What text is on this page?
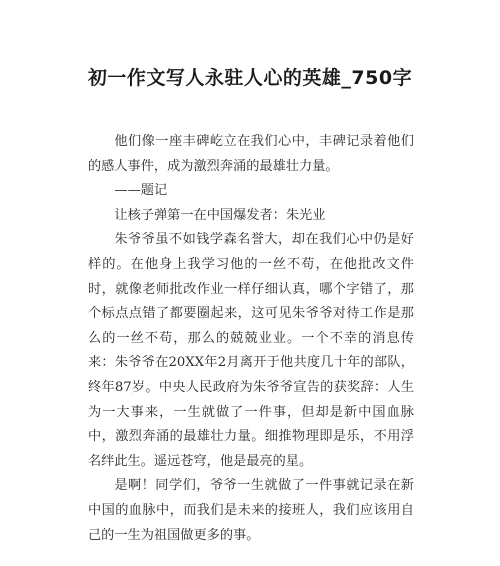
初一作文写人永驻人心的英雄_750字

他们像一座丰碑屹立在我们心中，丰碑记录着他们的感人事件，成为激烈奔涌的最雄壮力量。

——题记

让核子弹第一在中国爆发者：朱光业

朱爷爷虽不如钱学森名誉大，却在我们心中仍是好样的。在他身上我学习他的一丝不苟，在他批改文件时，就像老师批改作业一样仔细认真，哪个字错了，那个标点点错了都要圈起来，这可见朱爷爷对待工作是那么的一丝不苟，那么的兢兢业业。一个不幸的消息传来：朱爷爷在20XX年2月离开于他共度几十年的部队，终年87岁。中央人民政府为朱爷爷宣告的获奖辞：人生为一大事来，一生就做了一件事，但却是新中国血脉中，激烈奔涌的最雄壮力量。细推物理即是乐，不用浮名绊此生。遥远苍穹，他是最亮的星。

是啊！同学们，爷爷一生就做了一件事就记录在新中国的血脉中，而我们是未来的接班人，我们应该用自己的一生为祖国做更多的事。
